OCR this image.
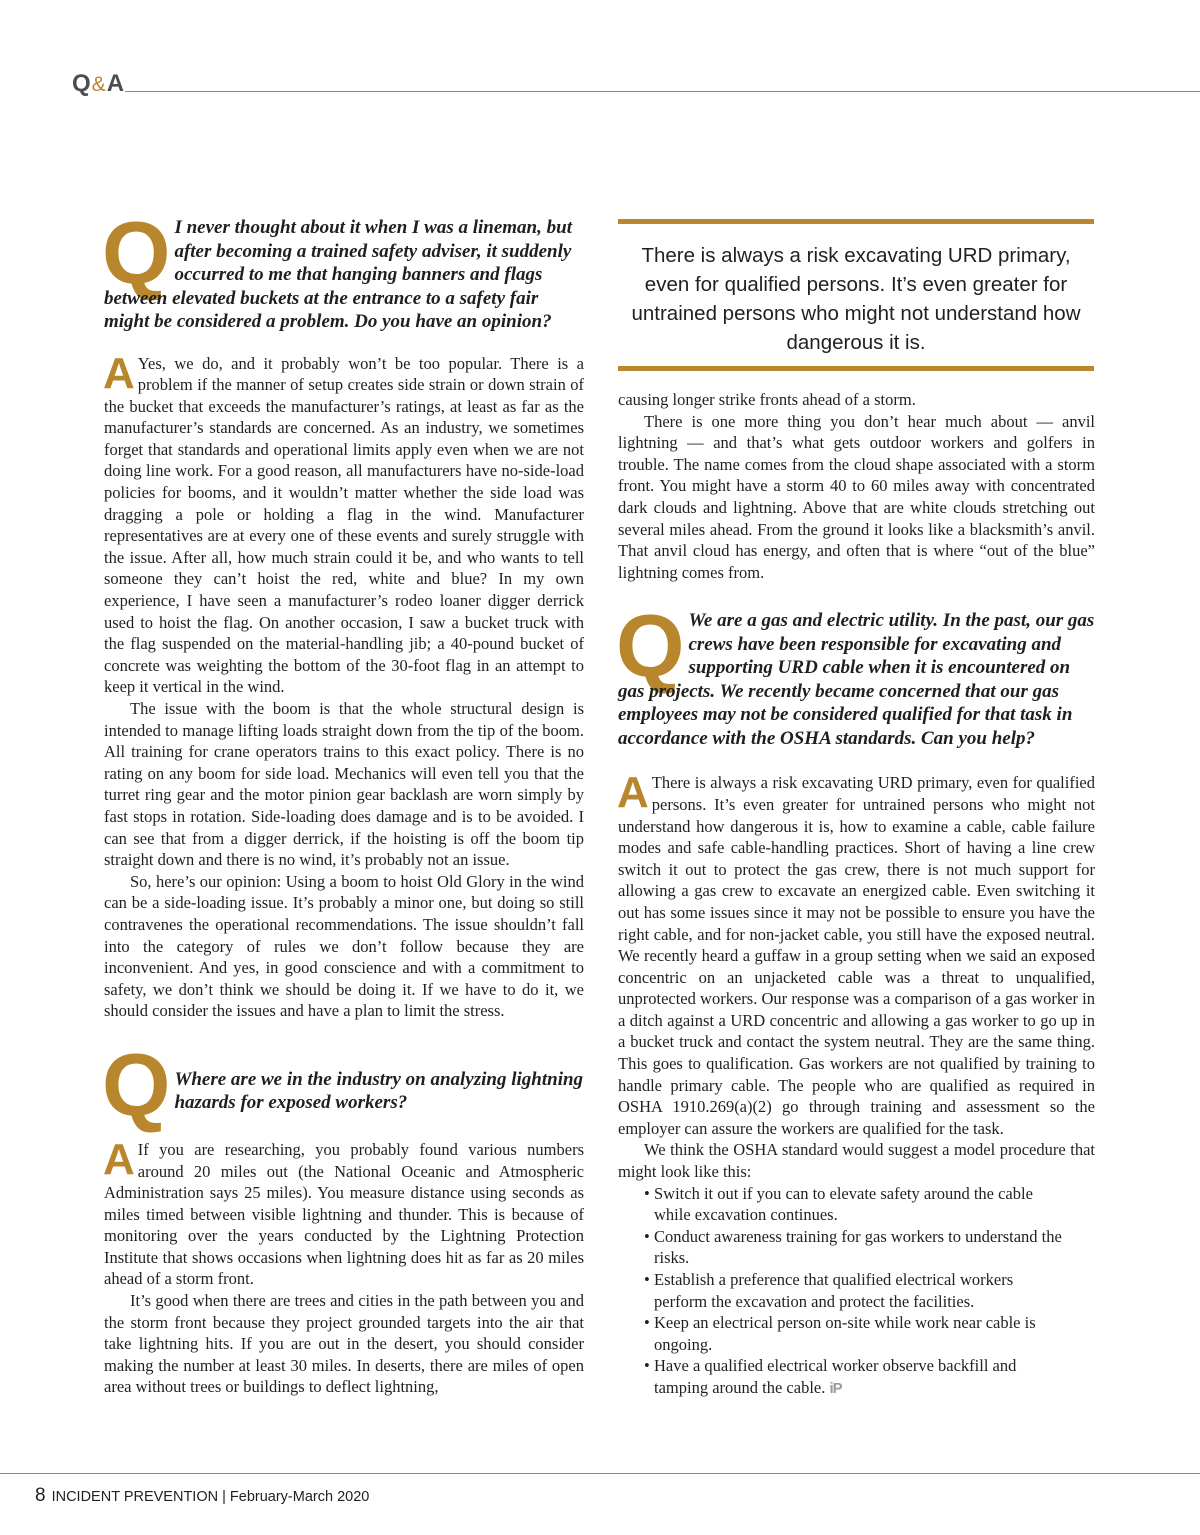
Q&A
Q I never thought about it when I was a lineman, but after becoming a trained safety adviser, it suddenly occurred to me that hanging banners and flags between elevated buckets at the entrance to a safety fair might be considered a problem. Do you have an opinion?

A Yes, we do, and it probably won’t be too popular. There is a problem if the manner of setup creates side strain or down strain of the bucket that exceeds the manufacturer’s ratings, at least as far as the manufacturer’s standards are concerned. As an industry, we sometimes forget that standards and operational limits apply even when we are not doing line work. For a good reason, all manufacturers have no-side-load policies for booms, and it wouldn’t matter whether the side load was dragging a pole or holding a flag in the wind. Manufacturer representatives are at every one of these events and surely struggle with the issue. After all, how much strain could it be, and who wants to tell someone they can’t hoist the red, white and blue? In my own experience, I have seen a manufacturer’s rodeo loaner digger derrick used to hoist the flag. On another occasion, I saw a bucket truck with the flag suspended on the material-handling jib; a 40-pound bucket of concrete was weighting the bottom of the 30-foot flag in an attempt to keep it vertical in the wind.

The issue with the boom is that the whole structural design is intended to manage lifting loads straight down from the tip of the boom. All training for crane operators trains to this exact policy. There is no rating on any boom for side load. Mechanics will even tell you that the turret ring gear and the motor pinion gear backlash are worn simply by fast stops in rotation. Side-loading does damage and is to be avoided. I can see that from a digger derrick, if the hoisting is off the boom tip straight down and there is no wind, it’s probably not an issue.

So, here’s our opinion: Using a boom to hoist Old Glory in the wind can be a side-loading issue. It’s probably a minor one, but doing so still contravenes the operational recommendations. The issue shouldn’t fall into the category of rules we don’t follow because they are inconvenient. And yes, in good conscience and with a commitment to safety, we don’t think we should be doing it. If we have to do it, we should consider the issues and have a plan to limit the stress.

Q Where are we in the industry on analyzing lightning hazards for exposed workers?

A If you are researching, you probably found various numbers around 20 miles out (the National Oceanic and Atmospheric Administration says 25 miles). You measure distance using seconds as miles timed between visible lightning and thunder. This is because of monitoring over the years conducted by the Lightning Protection Institute that shows occasions when lightning does hit as far as 20 miles ahead of a storm front.

It’s good when there are trees and cities in the path between you and the storm front because they project grounded targets into the air that take lightning hits. If you are out in the desert, you should consider making the number at least 30 miles. In deserts, there are miles of open area without trees or buildings to deflect lightning,

There is always a risk excavating URD primary, even for qualified persons. It’s even greater for untrained persons who might not understand how dangerous it is.

causing longer strike fronts ahead of a storm.

There is one more thing you don’t hear much about — anvil lightning — and that’s what gets outdoor workers and golfers in trouble. The name comes from the cloud shape associated with a storm front. You might have a storm 40 to 60 miles away with concentrated dark clouds and lightning. Above that are white clouds stretching out several miles ahead. From the ground it looks like a blacksmith’s anvil. That anvil cloud has energy, and often that is where “out of the blue” lightning comes from.

Q We are a gas and electric utility. In the past, our gas crews have been responsible for excavating and supporting URD cable when it is encountered on gas projects. We recently became concerned that our gas employees may not be considered qualified for that task in accordance with the OSHA standards. Can you help?

A There is always a risk excavating URD primary, even for qualified persons. It’s even greater for untrained persons who might not understand how dangerous it is, how to examine a cable, cable failure modes and safe cable-handling practices. Short of having a line crew switch it out to protect the gas crew, there is not much support for allowing a gas crew to excavate an energized cable. Even switching it out has some issues since it may not be possible to ensure you have the right cable, and for non-jacket cable, you still have the exposed neutral. We recently heard a guffaw in a group setting when we said an exposed concentric on an unjacketed cable was a threat to unqualified, unprotected workers. Our response was a comparison of a gas worker in a ditch against a URD concentric and allowing a gas worker to go up in a bucket truck and contact the system neutral. They are the same thing. This goes to qualification. Gas workers are not qualified by training to handle primary cable. The people who are qualified as required in OSHA 1910.269(a)(2) go through training and assessment so the employer can assure the workers are qualified for the task.

We think the OSHA standard would suggest a model procedure that might look like this:

• Switch it out if you can to elevate safety around the cable while excavation continues.
• Conduct awareness training for gas workers to understand the risks.
• Establish a preference that qualified electrical workers perform the excavation and protect the facilities.
• Keep an electrical person on-site while work near cable is ongoing.
• Have a qualified electrical worker observe backfill and tamping around the cable. iP
8 INCIDENT PREVENTION | February-March 2020
